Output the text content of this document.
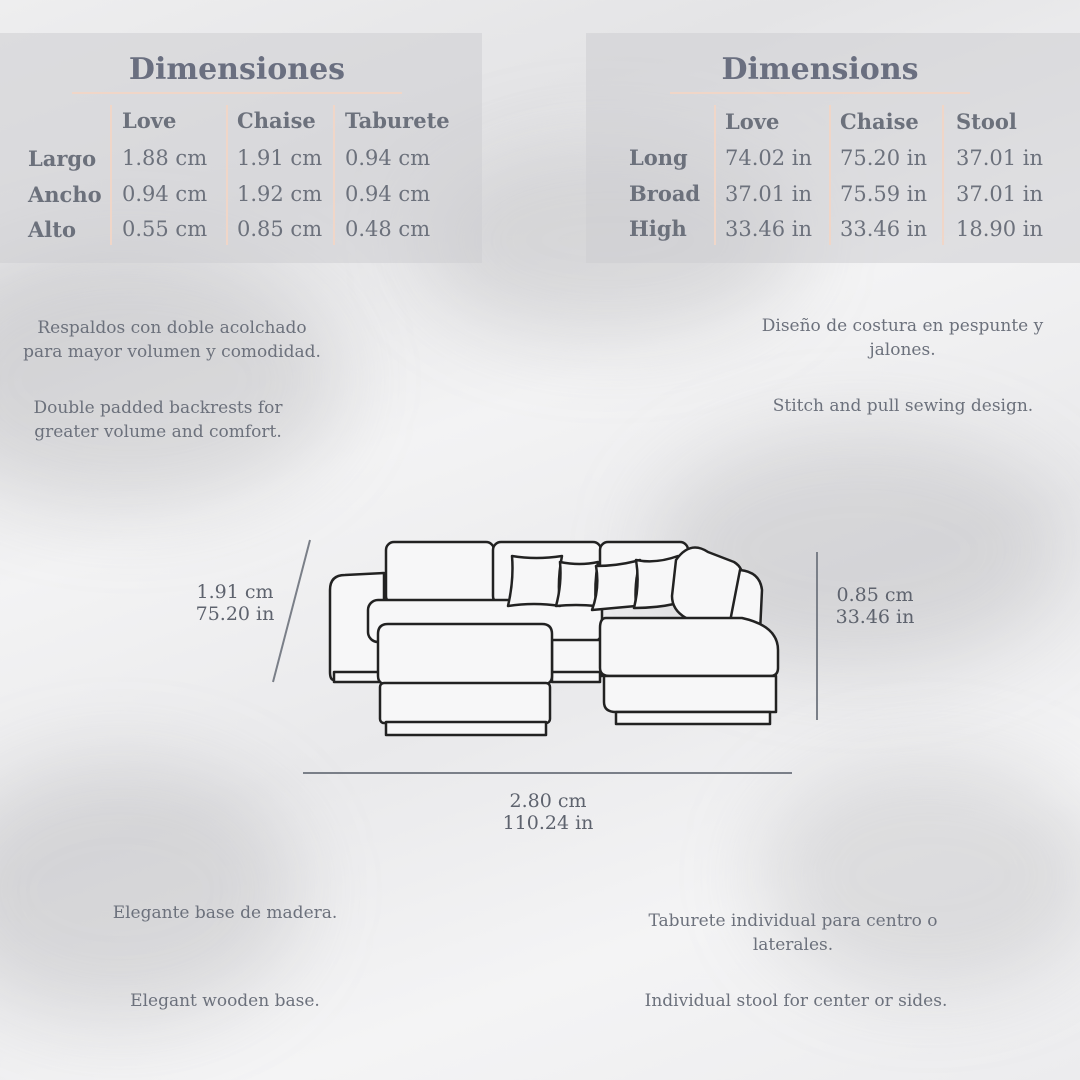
Dimensiones
Love	Chaise Taburete
Largo 1.88 cm 1.91 cm 0.94 cm
Ancho 0.94 cm 1.92 cm 0.94 cm
Alto 0.55 cm 0.85 cm 0.48 cm
Dimensions
Love	Chaise Stool
Long 74.02 in 75.20 in 37.01 in
Broad 37.01 in 75.59 in 37.01 in
High 33.46 in 33.46 in 18.90 in
Respaldos con doble acolchado para mayor volumen y comodidad.
Double padded backrests for greater volume and comfort.
Diseño de costura en pespunte y jalones.
Stitch and pull sewing design.
Elegante base de madera.
Elegant wooden base.
Taburete individual para centro o laterales.
Individual stool for center or sides.
1.91 cm
75.20 in
0.85 cm
33.46 in
2.80 cm
110.24 in
